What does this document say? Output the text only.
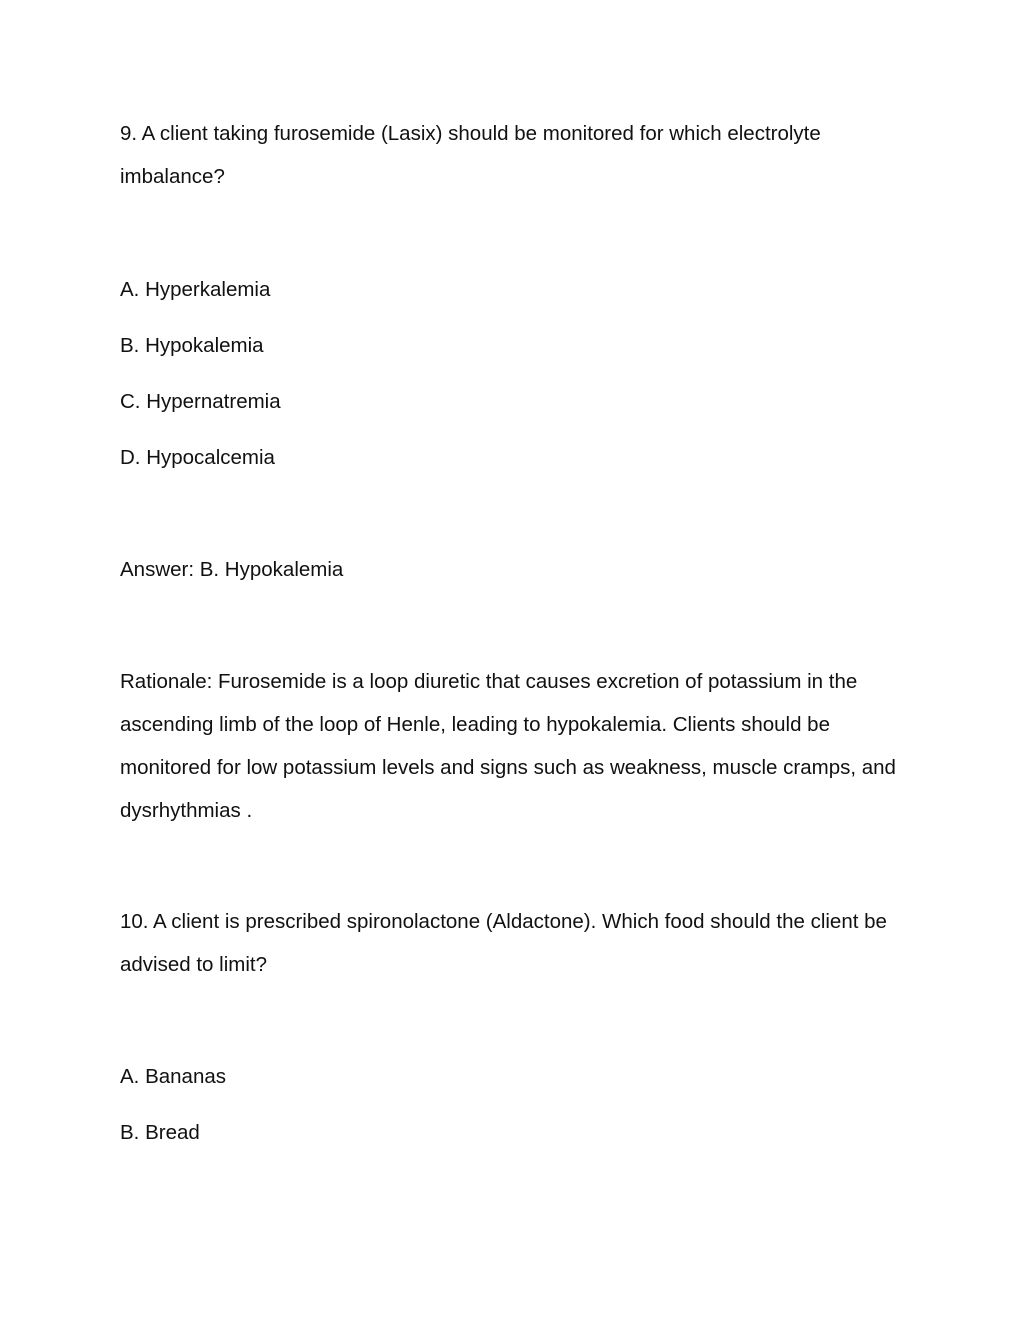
9. A client taking furosemide (Lasix) should be monitored for which electrolyte imbalance?

A. Hyperkalemia

B. Hypokalemia

C. Hypernatremia

D. Hypocalcemia

Answer: B. Hypokalemia

Rationale: Furosemide is a loop diuretic that causes excretion of potassium in the ascending limb of the loop of Henle, leading to hypokalemia. Clients should be monitored for low potassium levels and signs such as weakness, muscle cramps, and dysrhythmias .

10. A client is prescribed spironolactone (Aldactone). Which food should the client be advised to limit?

A. Bananas

B. Bread
